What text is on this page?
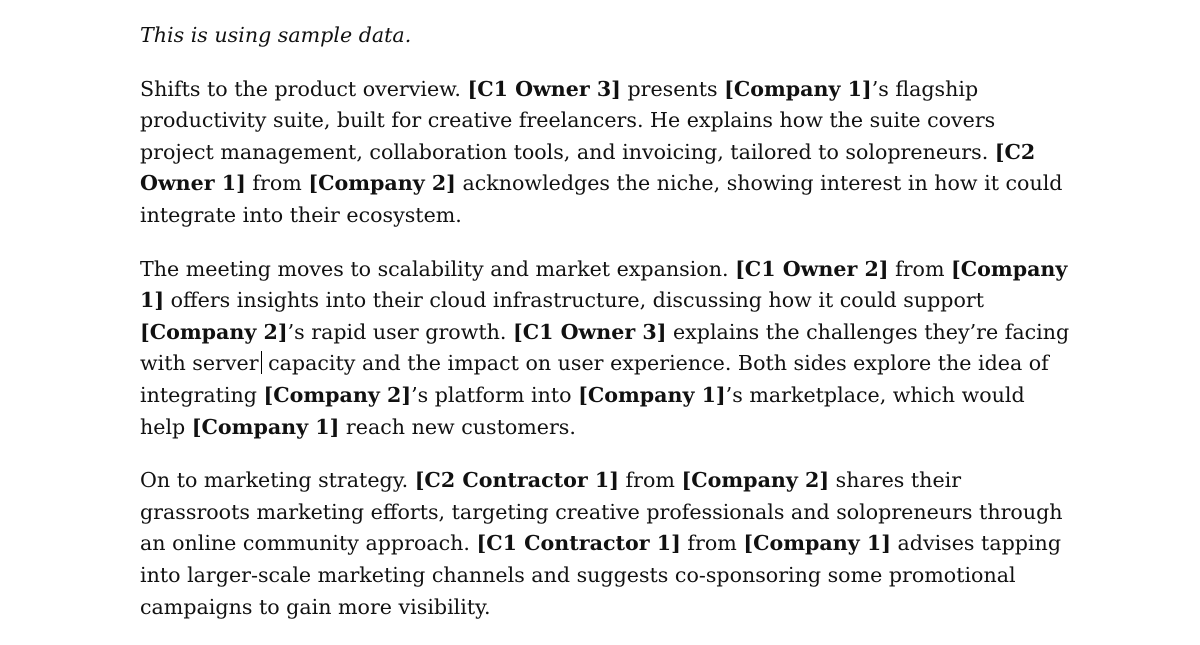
This is using sample data.

Shifts to the product overview. [C1 Owner 3] presents [Company 1]’s flagship productivity suite, built for creative freelancers. He explains how the suite covers project management, collaboration tools, and invoicing, tailored to solopreneurs. [C2 Owner 1] from [Company 2] acknowledges the niche, showing interest in how it could integrate into their ecosystem.

The meeting moves to scalability and market expansion. [C1 Owner 2] from [Company 1] offers insights into their cloud infrastructure, discussing how it could support [Company 2]’s rapid user growth. [C1 Owner 3] explains the challenges they’re facing with server capacity and the impact on user experience. Both sides explore the idea of integrating [Company 2]’s platform into [Company 1]’s marketplace, which would help [Company 1] reach new customers.

On to marketing strategy. [C2 Contractor 1] from [Company 2] shares their grassroots marketing efforts, targeting creative professionals and solopreneurs through an online community approach. [C1 Contractor 1] from [Company 1] advises tapping into larger-scale marketing channels and suggests co-sponsoring some promotional campaigns to gain more visibility.
